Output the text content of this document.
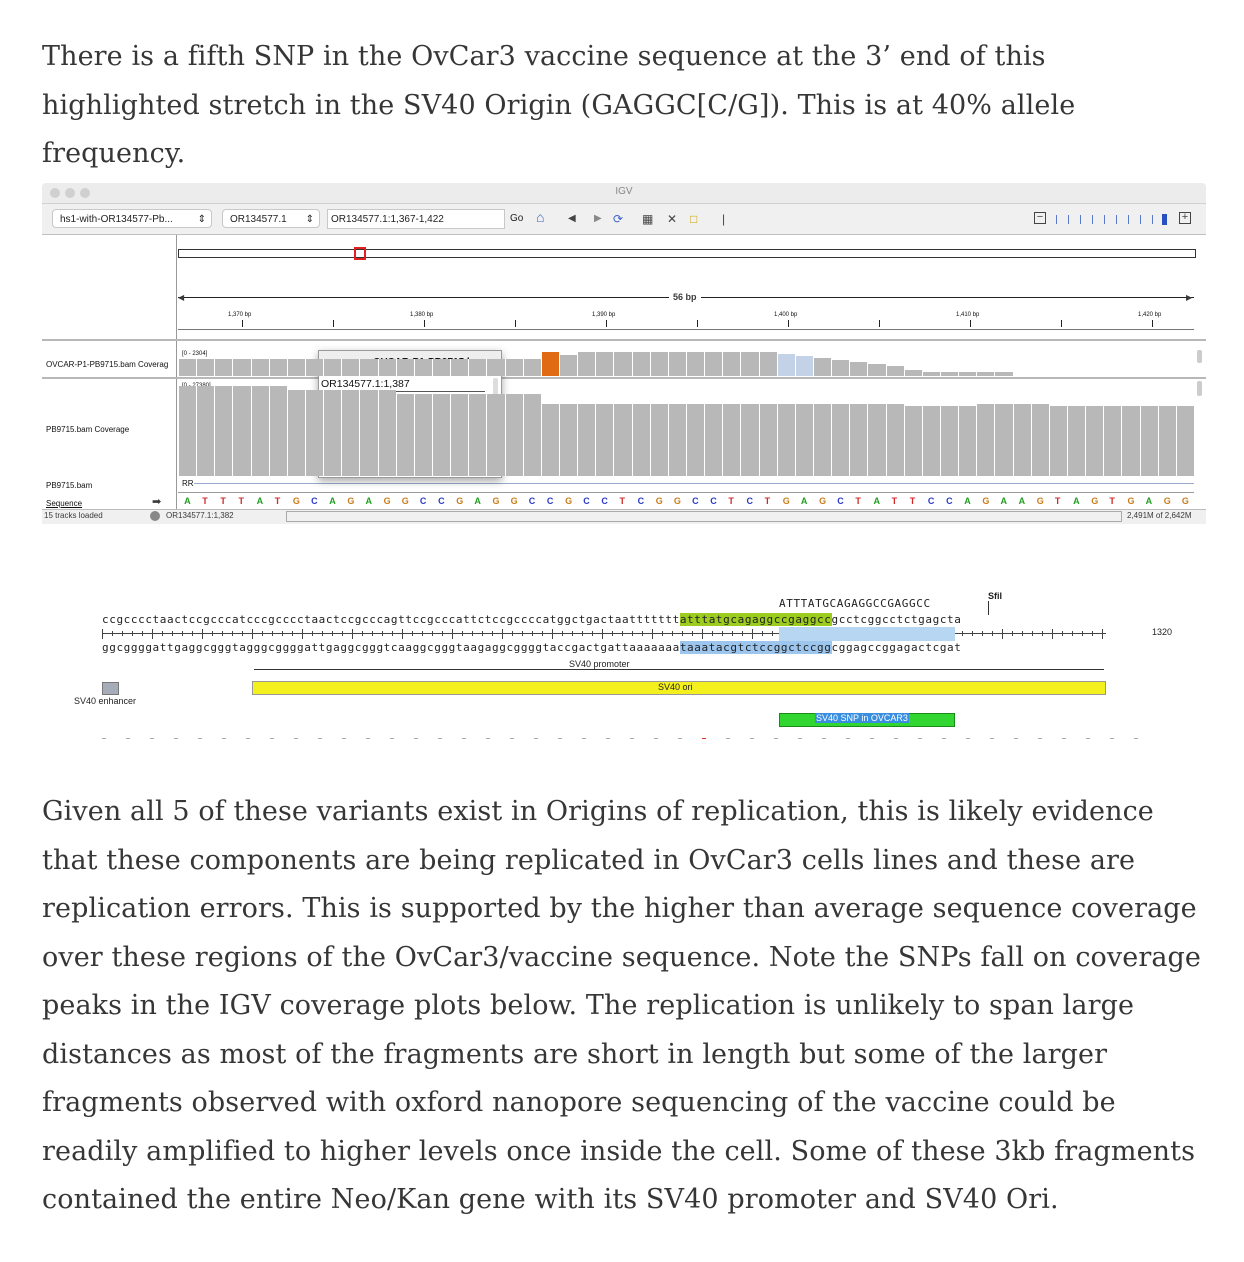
There is a fifth SNP in the OvCar3 vaccine sequence at the 3’ end of this highlighted stretch in the SV40 Origin (GAGGC[C/G]). This is at 40% allele frequency.

IGV
hs1-with-OR134577-Pb... ⇕	OR134577.1 ⇕	OR134577.1:1,367-1,422	Go ⌂ ◀ ▶ ⟳ ▦ ✕ □ |	−	+
◀	▶
56 bp
OVCAR-P1-PB9715.bam Coverag
PB9715.bam Coverage
PB9715.bam
Sequence	➡
[0 - 2304]
RR
OR134577.1:1,387
15 tracks loaded	OR134577.1:1,382	2,491M of 2,642M
1,370 bp	1,380 bp	1,390 bp	1,400 bp	1,410 bp	1,420 bp
A T T T A T G C A G A G G C C G A G G C C G C C T C G G C C T C T G A G C T A T T C C A G A A G T A G T G A G G
ATTTATGCAGAGGCCGAGGCC
SfiI
ccgcccctaactccgcccatcccgcccctaactccgcccagttccgcccattctccgccccatggctgactaatttttttatttatgcagaggccgaggccgcctcggcctctgagcta
ggcggggattgaggcgggtagggcggggattgaggcgggtcaaggcgggtaagaggcggggtaccgactgattaaaaaaataaatacgtctccggctccggcggagccggagactcgat
1320
SV40 promoter
SV40 enhancer
SV40 ori
SV40 SNP in OVCAR3

Given all 5 of these variants exist in Origins of replication, this is likely evidence that these components are being replicated in OvCar3 cells lines and these are replication errors. This is supported by the higher than average sequence coverage over these regions of the OvCar3/vaccine sequence. Note the SNPs fall on coverage peaks in the IGV coverage plots below. The replication is unlikely to span large distances as most of the fragments are short in length but some of the larger fragments observed with oxford nanopore sequencing of the vaccine could be readily amplified to higher levels once inside the cell. Some of these 3kb fragments contained the entire Neo/Kan gene with its SV40 promoter and SV40 Ori.
